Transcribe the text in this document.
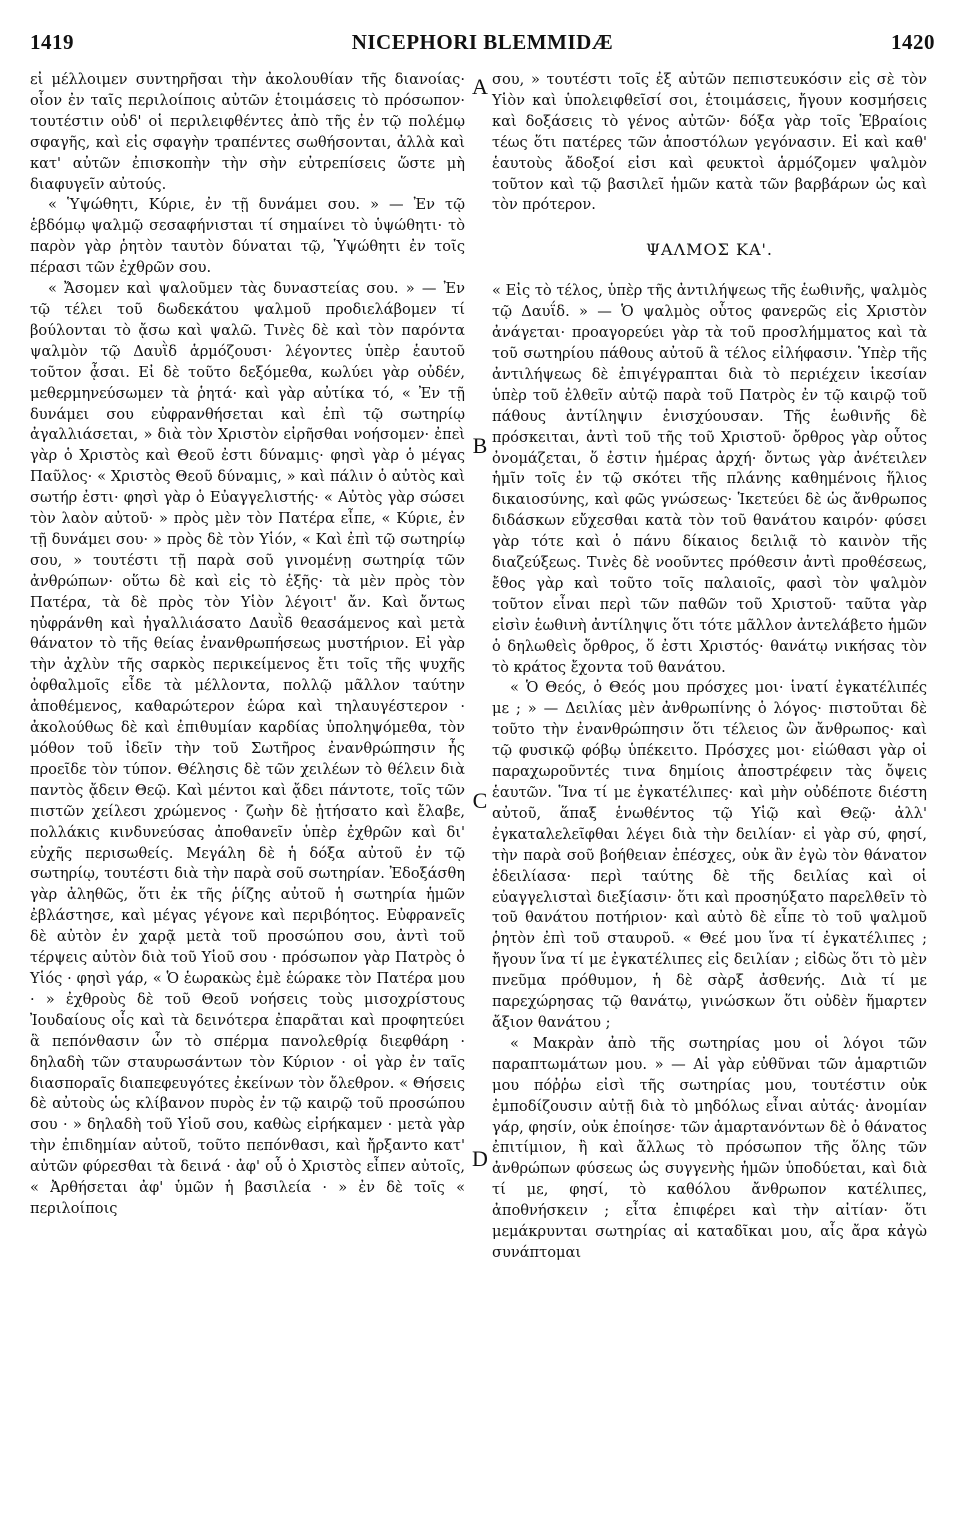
1419	NICEPHORI BLEMMIDÆ	1420

εἰ μέλλοιμεν συντηρῆσαι τὴν ἀκολουθίαν τῆς διανοίας· οἷον ἐν ταῖς περιλοίποις αὐτῶν ἑτοιμάσεις τὸ πρόσωπον· τουτέστιν οὐδ' οἱ περιλειφθέντες ἀπὸ τῆς ἐν τῷ πολέμῳ σφαγῆς, καὶ εἰς σφαγὴν τραπέντες σωθήσονται, ἀλλὰ καὶ κατ' αὐτῶν ἐπισκοπὴν τὴν σὴν εὐτρεπίσεις ὥστε μὴ διαφυγεῖν αὐτούς.

« Ὑψώθητι, Κύριε, ἐν τῇ δυνάμει σου. » — Ἐν τῷ ἑβδόμῳ ψαλμῷ σεσαφήνισται τί σημαίνει τὸ ὑψώθητι· τὸ παρὸν γὰρ ῥητὸν ταυτὸν δύναται τῷ, Ὑψώθητι ἐν τοῖς πέρασι τῶν ἐχθρῶν σου.

« Ἄσομεν καὶ ψαλοῦμεν τὰς δυναστείας σου. » — Ἐν τῷ τέλει τοῦ δωδεκάτου ψαλμοῦ προδιελάβομεν τί βούλονται τὸ ᾄσω καὶ ψαλῶ. Τινὲς δὲ καὶ τὸν παρόντα ψαλμὸν τῷ Δαυῒδ ἁρμόζουσι· λέγοντες ὑπὲρ ἑαυτοῦ τοῦτον ᾆσαι. Εἰ δὲ τοῦτο δεξόμεθα, κωλύει γὰρ οὐδέν, μεθερμηνεύσωμεν τὰ ῥητά· καὶ γὰρ αὐτίκα τό, « Ἐν τῇ δυνάμει σου εὐφρανθήσεται καὶ ἐπὶ τῷ σωτηρίῳ ἀγαλλιάσεται, » διὰ τὸν Χριστὸν εἰρῆσθαι νοήσομεν· ἐπεὶ γὰρ ὁ Χριστὸς καὶ Θεοῦ ἐστι δύναμις· φησὶ γὰρ ὁ μέγας Παῦλος· « Χριστὸς Θεοῦ δύναμις, » καὶ πάλιν ὁ αὐτὸς καὶ σωτήρ ἐστι· φησὶ γὰρ ὁ Εὐαγγελιστής· « Αὐτὸς γὰρ σώσει τὸν λαὸν αὐτοῦ· » πρὸς μὲν τὸν Πατέρα εἶπε, « Κύριε, ἐν τῇ δυνάμει σου· » πρὸς δὲ τὸν Υἱόν, « Καὶ ἐπὶ τῷ σωτηρίῳ σου, » τουτέστι τῇ παρὰ σοῦ γινομένῃ σωτηρίᾳ τῶν ἀνθρώπων· οὕτω δὲ καὶ εἰς τὸ ἑξῆς· τὰ μὲν πρὸς τὸν Πατέρα, τὰ δὲ πρὸς τὸν Υἱὸν λέγοιτ' ἄν. Καὶ ὄντως ηὐφράνθη καὶ ἠγαλλιάσατο Δαυῒδ θεασάμενος καὶ μετὰ θάνατον τὸ τῆς θείας ἐνανθρωπήσεως μυστήριον. Εἰ γὰρ τὴν ἀχλὺν τῆς σαρκὸς περικείμενος ἔτι τοῖς τῆς ψυχῆς ὀφθαλμοῖς εἶδε τὰ μέλλοντα, πολλῷ μᾶλλον ταύτην ἀποθέμενος, καθαρώτερον ἑώρα καὶ τηλαυγέστερον · ἀκολούθως δὲ καὶ ἐπιθυμίαν καρδίας ὑποληψόμεθα, τὸν μόθον τοῦ ἰδεῖν τὴν τοῦ Σωτῆρος ἐνανθρώπησιν ἧς προεῖδε τὸν τύπον. Θέλησις δὲ τῶν χειλέων τὸ θέλειν διὰ παντὸς ᾄδειν Θεῷ. Καὶ μέντοι καὶ ᾄδει πάντοτε, τοῖς τῶν πιστῶν χείλεσι χρώμενος · ζωὴν δὲ ᾐτήσατο καὶ ἔλαβε, πολλάκις κινδυνεύσας ἀποθανεῖν ὑπὲρ ἐχθρῶν καὶ δι' εὐχῆς περισωθείς. Μεγάλη δὲ ἡ δόξα αὐτοῦ ἐν τῷ σωτηρίῳ, τουτέστι διὰ τὴν παρὰ σοῦ σωτηρίαν. Ἐδοξάσθη γὰρ ἀληθῶς, ὅτι ἐκ τῆς ῥίζης αὐτοῦ ἡ σωτηρία ἡμῶν ἐβλάστησε, καὶ μέγας γέγονε καὶ περιβόητος. Εὐφρανεῖς δὲ αὐτὸν ἐν χαρᾷ μετὰ τοῦ προσώπου σου, ἀντὶ τοῦ τέρψεις αὐτὸν διὰ τοῦ Υἱοῦ σου · πρόσωπον γὰρ Πατρὸς ὁ Υἱός · φησὶ γάρ, « Ὁ ἑωρακὼς ἐμὲ ἑώρακε τὸν Πατέρα μου · » ἐχθροὺς δὲ τοῦ Θεοῦ νοήσεις τοὺς μισοχρίστους Ἰουδαίους οἷς καὶ τὰ δεινότερα ἐπαρᾶται καὶ προφητεύει ἃ πεπόνθασιν ὧν τὸ σπέρμα πανολεθρίᾳ διεφθάρη · δηλαδὴ τῶν σταυρωσάντων τὸν Κύριον · οἱ γὰρ ἐν ταῖς διασποραῖς διαπεφευγότες ἐκείνων τὸν ὄλεθρον. « Θήσεις δὲ αὐτοὺς ὡς κλίβανον πυρὸς ἐν τῷ καιρῷ τοῦ προσώπου σου · » δηλαδὴ τοῦ Υἱοῦ σου, καθὼς εἰρήκαμεν · μετὰ γὰρ τὴν ἐπιδημίαν αὐτοῦ, τοῦτο πεπόνθασι, καὶ ἤρξαντο κατ' αὐτῶν φύρεσθαι τὰ δεινά · ἀφ' οὗ ὁ Χριστὸς εἶπεν αὐτοῖς, « Ἀρθήσεται ἀφ' ὑμῶν ἡ βασιλεία · » ἐν δὲ τοῖς « περιλοίποις

A
B
C
D

σου, » τουτέστι τοῖς ἐξ αὐτῶν πεπιστευκόσιν εἰς σὲ τὸν Υἱὸν καὶ ὑπολειφθεῖσί σοι, ἑτοιμάσεις, ἤγουν κοσμήσεις καὶ δοξάσεις τὸ γένος αὐτῶν· δόξα γὰρ τοῖς Ἑβραίοις τέως ὅτι πατέρες τῶν ἀποστόλων γεγόνασιν. Εἰ καὶ καθ' ἑαυτοὺς ἄδοξοί εἰσι καὶ φευκτοὶ ἁρμόζομεν ψαλμὸν τοῦτον καὶ τῷ βασιλεῖ ἡμῶν κατὰ τῶν βαρβάρων ὡς καὶ τὸν πρότερον.

ΨΑΛΜΟΣ ΚΑ'.

« Εἰς τὸ τέλος, ὑπὲρ τῆς ἀντιλήψεως τῆς ἑωθινῆς, ψαλμὸς τῷ Δαυΐδ. » — Ὁ ψαλμὸς οὗτος φανερῶς εἰς Χριστὸν ἀνάγεται· προαγορεύει γὰρ τὰ τοῦ προσλήμματος καὶ τὰ τοῦ σωτηρίου πάθους αὐτοῦ ἃ τέλος εἰλήφασιν. Ὑπὲρ τῆς ἀντιλήψεως δὲ ἐπιγέγραπται διὰ τὸ περιέχειν ἱκεσίαν ὑπὲρ τοῦ ἐλθεῖν αὐτῷ παρὰ τοῦ Πατρὸς ἐν τῷ καιρῷ τοῦ πάθους ἀντίληψιν ἐνισχύουσαν. Τῆς ἑωθινῆς δὲ πρόσκειται, ἀντὶ τοῦ τῆς τοῦ Χριστοῦ· ὄρθρος γὰρ οὗτος ὀνομάζεται, ὅ ἐστιν ἡμέρας ἀρχή· ὄντως γὰρ ἀνέτειλεν ἡμῖν τοῖς ἐν τῷ σκότει τῆς πλάνης καθημένοις ἥλιος δικαιοσύνης, καὶ φῶς γνώσεως· Ἱκετεύει δὲ ὡς ἄνθρωπος διδάσκων εὔχεσθαι κατὰ τὸν τοῦ θανάτου καιρόν· φύσει γὰρ τότε καὶ ὁ πάνυ δίκαιος δειλιᾷ τὸ καινὸν τῆς διαζεύξεως. Τινὲς δὲ νοοῦντες πρόθεσιν ἀντὶ προθέσεως, ἔθος γὰρ καὶ τοῦτο τοῖς παλαιοῖς, φασὶ τὸν ψαλμὸν τοῦτον εἶναι περὶ τῶν παθῶν τοῦ Χριστοῦ· ταῦτα γὰρ εἰσὶν ἑωθινὴ ἀντίληψις ὅτι τότε μᾶλλον ἀντελάβετο ἡμῶν ὁ δηλωθεὶς ὄρθρος, ὅ ἐστι Χριστός· θανάτῳ νικήσας τὸν τὸ κράτος ἔχοντα τοῦ θανάτου.

« Ὁ Θεός, ὁ Θεός μου πρόσχες μοι· ἱνατί ἐγκατέλιπές με ; » — Δειλίας μὲν ἀνθρωπίνης ὁ λόγος· πιστοῦται δὲ τοῦτο τὴν ἐνανθρώπησιν ὅτι τέλειος ὢν ἄνθρωπος· καὶ τῷ φυσικῷ φόβῳ ὑπέκειτο. Πρόσχες μοι· εἰώθασι γὰρ οἱ παραχωροῦντές τινα δημίοις ἀποστρέφειν τὰς ὄψεις ἑαυτῶν. Ἵνα τί με ἐγκατέλιπες· καὶ μὴν οὐδέποτε διέστη αὐτοῦ, ἅπαξ ἑνωθέντος τῷ Υἱῷ καὶ Θεῷ· ἀλλ' ἐγκαταλελεῖφθαι λέγει διὰ τὴν δειλίαν· εἰ γὰρ σύ, φησί, τὴν παρὰ σοῦ βοήθειαν ἐπέσχες, οὐκ ἂν ἐγὼ τὸν θάνατον ἐδειλίασα· περὶ ταύτης δὲ τῆς δειλίας καὶ οἱ εὐαγγελισταὶ διεξίασιν· ὅτι καὶ προσηύξατο παρελθεῖν τὸ τοῦ θανάτου ποτήριον· καὶ αὐτὸ δὲ εἶπε τὸ τοῦ ψαλμοῦ ῥητὸν ἐπὶ τοῦ σταυροῦ. « Θεέ μου ἵνα τί ἐγκατέλιπες ; ἤγουν ἵνα τί με ἐγκατέλιπες εἰς δειλίαν ; εἰδὼς ὅτι τὸ μὲν πνεῦμα πρόθυμον, ἡ δὲ σὰρξ ἀσθενής. Διὰ τί με παρεχώρησας τῷ θανάτῳ, γινώσκων ὅτι οὐδὲν ἥμαρτεν ἄξιον θανάτου ;

« Μακρὰν ἀπὸ τῆς σωτηρίας μου οἱ λόγοι τῶν παραπτωμάτων μου. » — Αἱ γὰρ εὐθῦναι τῶν ἁμαρτιῶν μου πόῤῥω εἰσὶ τῆς σωτηρίας μου, τουτέστιν οὐκ ἐμποδίζουσιν αὐτῇ διὰ τὸ μηδόλως εἶναι αὐτάς· ἀνομίαν γάρ, φησίν, οὐκ ἐποίησε· τῶν ἁμαρτανόντων δὲ ὁ θάνατος ἐπιτίμιον, ἢ καὶ ἄλλως τὸ πρόσωπον τῆς ὅλης τῶν ἀνθρώπων φύσεως ὡς συγγενὴς ἡμῶν ὑποδύεται, καὶ διὰ τί με, φησί, τὸ καθόλου ἄνθρωπον κατέλιπες, ἀποθνήσκειν ; εἶτα ἐπιφέρει καὶ τὴν αἰτίαν· ὅτι μεμάκρυνται σωτηρίας αἱ καταδῖκαι μου, αἷς ἄρα κἀγὼ συνάπτομαι
